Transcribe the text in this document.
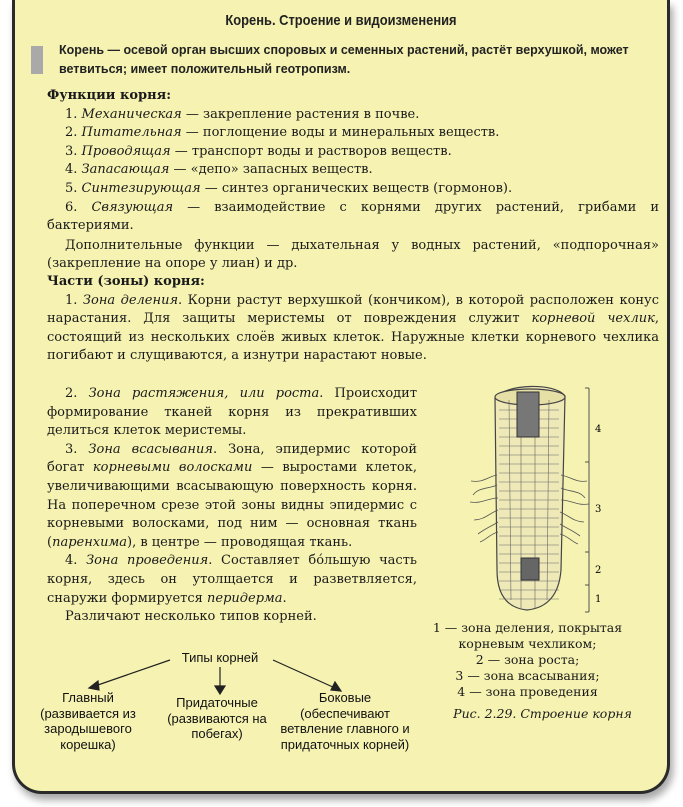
Корень. Строение и видоизменения
Корень — осевой орган высших споровых и семенных растений, растёт верхушкой, может ветвиться; имеет положительный геотропизм.

Функции корня:

1. Механическая — закрепление растения в почве.

2. Питательная — поглощение воды и минеральных веществ.

3. Проводящая — транспорт воды и растворов веществ.

4. Запасающая — «депо» запасных веществ.

5. Синтезирующая — синтез органических веществ (гормонов).

6. Связующая — взаимодействие с корнями других растений, грибами и бактериями.

Дополнительные функции — дыхательная у водных растений, «подпорочная» (закрепление на опоре у лиан) и др.

Части (зоны) корня:

1. Зона деления. Корни растут верхушкой (кончиком), в которой расположен конус нарастания. Для защиты меристемы от повреждения служит корневой чехлик, состоящий из нескольких слоёв живых клеток. Наружные клетки корневого чехлика погибают и слущиваются, а изнутри нарастают новые.

2. Зона растяжения, или роста. Происходит формирование тканей корня из прекративших делиться клеток меристемы.

3. Зона всасывания. Зона, эпидермис которой богат корневыми волосками — выростами клеток, увеличивающими всасывающую поверхность корня. На поперечном срезе этой зоны видны эпидермис с корневыми волосками, под ним — основная ткань (паренхима), в центре — проводящая ткань.

4. Зона проведения. Составляет бо́льшую часть корня, здесь он утолщается и разветвляется, снаружи формируется перидерма.

Различают несколько типов корней.

4
3
2
1
1 — зона деления, покрытая корневым чехликом;
2 — зона роста;
3 — зона всасывания;
4 — зона проведения
Рис. 2.29. Строение корня
Типы корней
Главный (развивается из зародышевого корешка)
Придаточные (развиваются на побегах)
Боковые (обеспечивают ветвление главного и придаточных корней)
